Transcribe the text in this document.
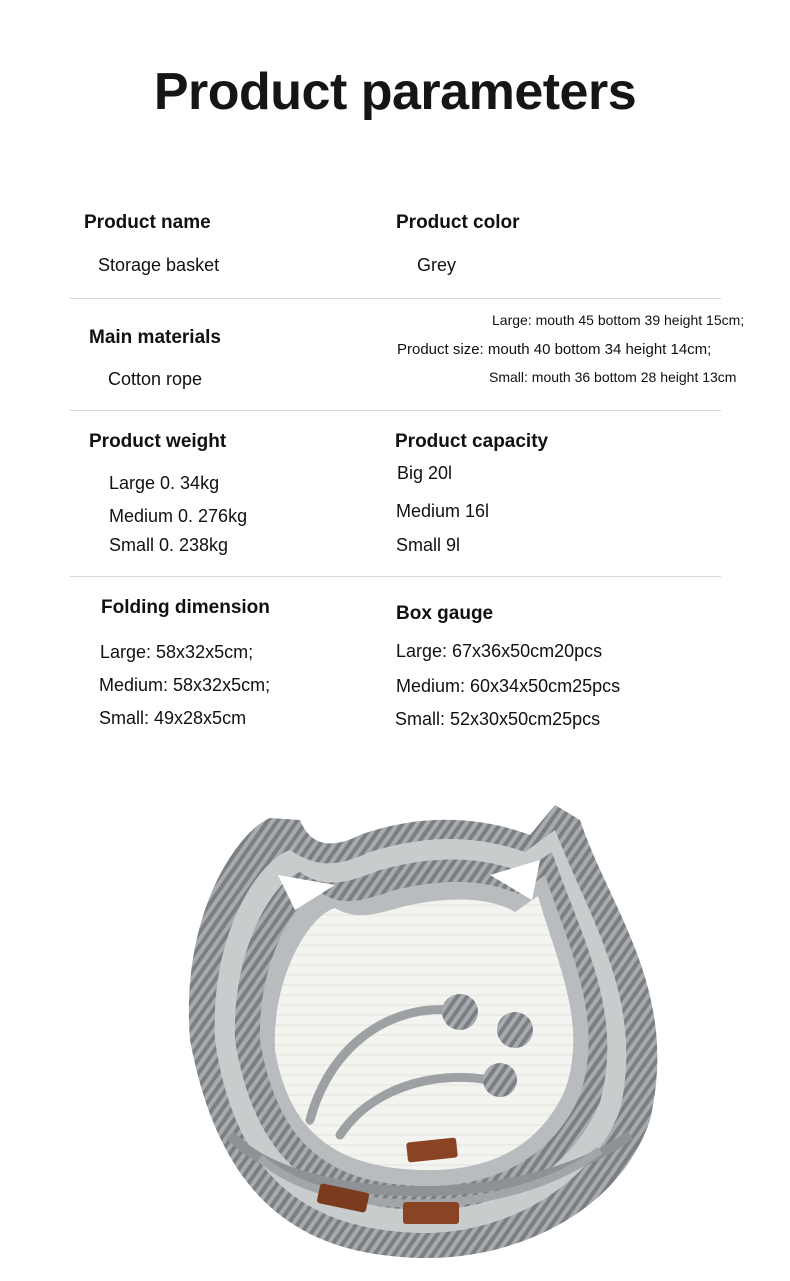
Product parameters
Product name
Storage basket
Product color
Grey
Main materials
Cotton rope
Large: mouth 45 bottom 39 height 15cm;
Product size: mouth 40 bottom 34 height 14cm;
Small: mouth 36 bottom 28 height 13cm
Product weight
Large 0. 34kg
Medium 0. 276kg
Small 0. 238kg
Product capacity
Big 20l
Medium 16l
Small 9l
Folding dimension
Large: 58x32x5cm;
Medium: 58x32x5cm;
Small: 49x28x5cm
Box gauge
Large: 67x36x50cm20pcs
Medium: 60x34x50cm25pcs
Small: 52x30x50cm25pcs
